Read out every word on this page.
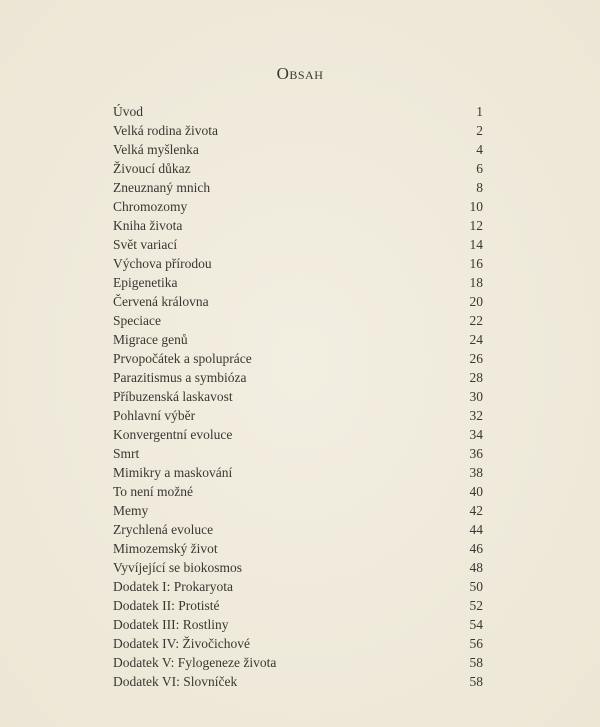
Obsah
Úvod	1
Velká rodina života	2
Velká myšlenka	4
Živoucí důkaz	6
Zneuznaný mnich	8
Chromozomy	10
Kniha života	12
Svět variací	14
Výchova přírodou	16
Epigenetika	18
Červená královna	20
Speciace	22
Migrace genů	24
Prvopočátek a spolupráce	26
Parazitismus a symbióza	28
Příbuzenská laskavost	30
Pohlavní výběr	32
Konvergentní evoluce	34
Smrt	36
Mimikry a maskování	38
To není možné	40
Memy	42
Zrychlená evoluce	44
Mimozemský život	46
Vyvíjející se biokosmos	48
Dodatek I: Prokaryota	50
Dodatek II: Protisté	52
Dodatek III: Rostliny	54
Dodatek IV: Živočichové	56
Dodatek V: Fylogeneze života	58
Dodatek VI: Slovníček	58
